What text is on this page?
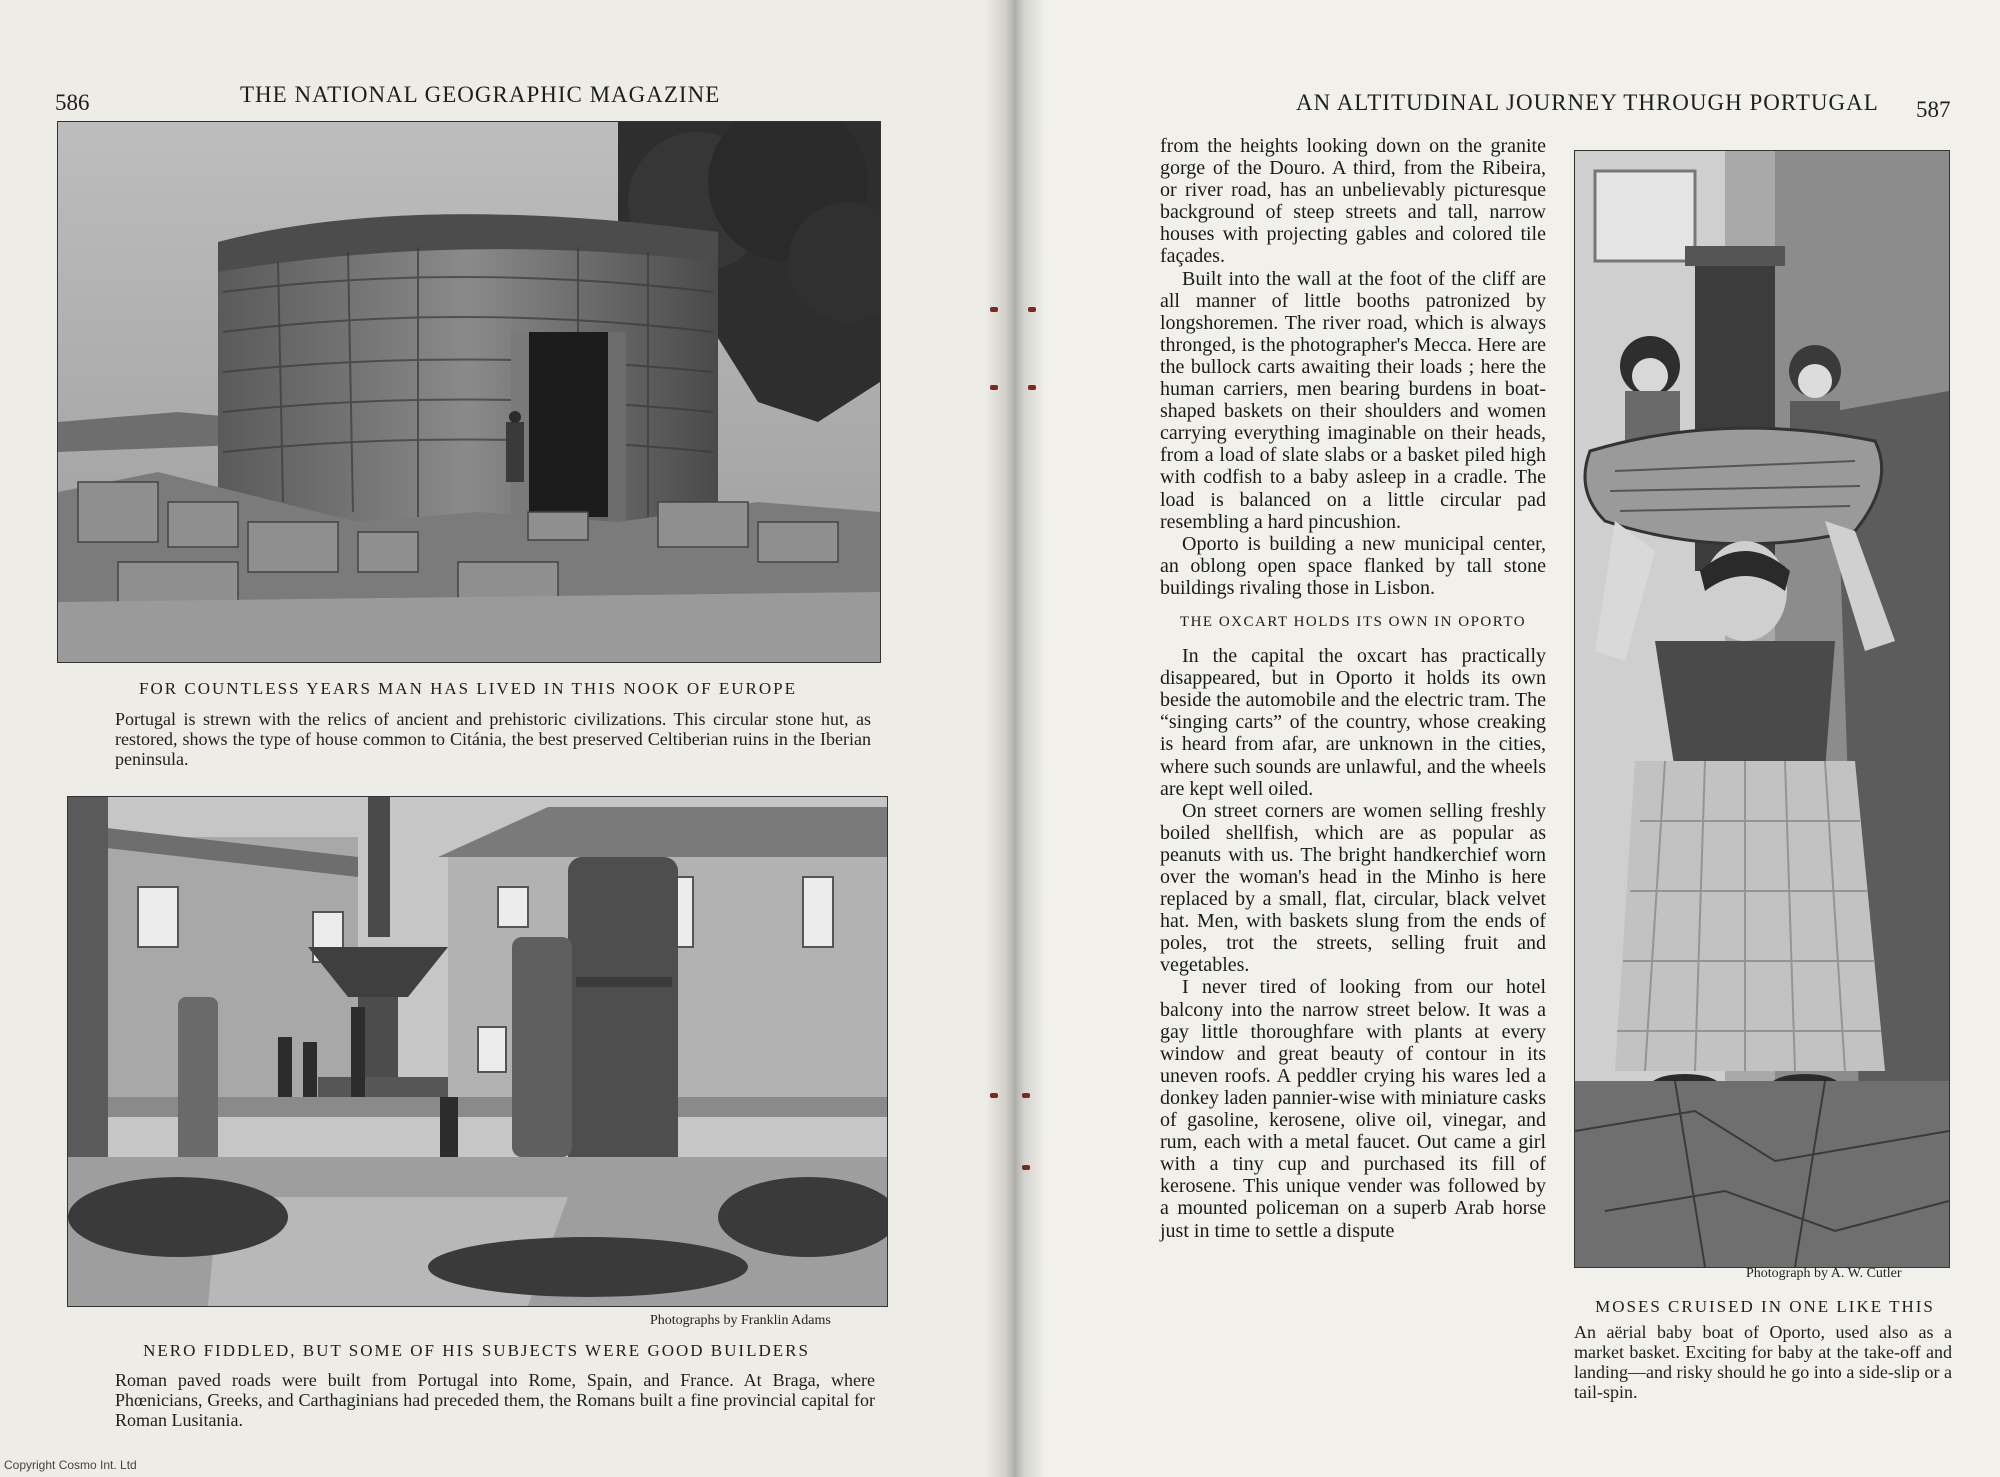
586	THE NATIONAL GEOGRAPHIC MAGAZINE
FOR COUNTLESS YEARS MAN HAS LIVED IN THIS NOOK OF EUROPE
Portugal is strewn with the relics of ancient and prehistoric civilizations. This circular stone hut, as restored, shows the type of house common to Citánia, the best preserved Celtiberian ruins in the Iberian peninsula.
Photographs by Franklin Adams
NERO FIDDLED, BUT SOME OF HIS SUBJECTS WERE GOOD BUILDERS
Roman paved roads were built from Portugal into Rome, Spain, and France. At Braga, where Phœnicians, Greeks, and Carthaginians had preceded them, the Romans built a fine provincial capital for Roman Lusitania.
AN ALTITUDINAL JOURNEY THROUGH PORTUGAL 587

from the heights looking down on the granite gorge of the Douro. A third, from the Ribeira, or river road, has an unbelievably picturesque background of steep streets and tall, narrow houses with projecting gables and colored tile façades.

Built into the wall at the foot of the cliff are all manner of little booths patronized by longshoremen. The river road, which is always thronged, is the photographer's Mecca. Here are the bullock carts awaiting their loads ; here the human carriers, men bearing burdens in boat-shaped baskets on their shoulders and women carrying everything imaginable on their heads, from a load of slate slabs or a basket piled high with codfish to a baby asleep in a cradle. The load is balanced on a little circular pad resembling a hard pincushion.

Oporto is building a new municipal center, an oblong open space flanked by tall stone buildings rivaling those in Lisbon.

THE OXCART HOLDS ITS OWN IN OPORTO

In the capital the oxcart has practically disappeared, but in Oporto it holds its own beside the automobile and the electric tram. The “singing carts” of the country, whose creaking is heard from afar, are unknown in the cities, where such sounds are unlawful, and the wheels are kept well oiled.

On street corners are women selling freshly boiled shellfish, which are as popular as peanuts with us. The bright handkerchief worn over the woman's head in the Minho is here replaced by a small, flat, circular, black velvet hat. Men, with baskets slung from the ends of poles, trot the streets, selling fruit and vegetables.

I never tired of looking from our hotel balcony into the narrow street below. It was a gay little thoroughfare with plants at every window and great beauty of contour in its uneven roofs. A peddler crying his wares led a donkey laden pannier-wise with miniature casks of gasoline, kerosene, olive oil, vinegar, and rum, each with a metal faucet. Out came a girl with a tiny cup and purchased its fill of kerosene. This unique vender was followed by a mounted policeman on a superb Arab horse just in time to settle a dispute

Photograph by A. W. Cutler
MOSES CRUISED IN ONE LIKE THIS
An aërial baby boat of Oporto, used also as a market basket. Exciting for baby at the take-off and landing—and risky should he go into a side-slip or a tail-spin.
Copyright Cosmo Int. Ltd
